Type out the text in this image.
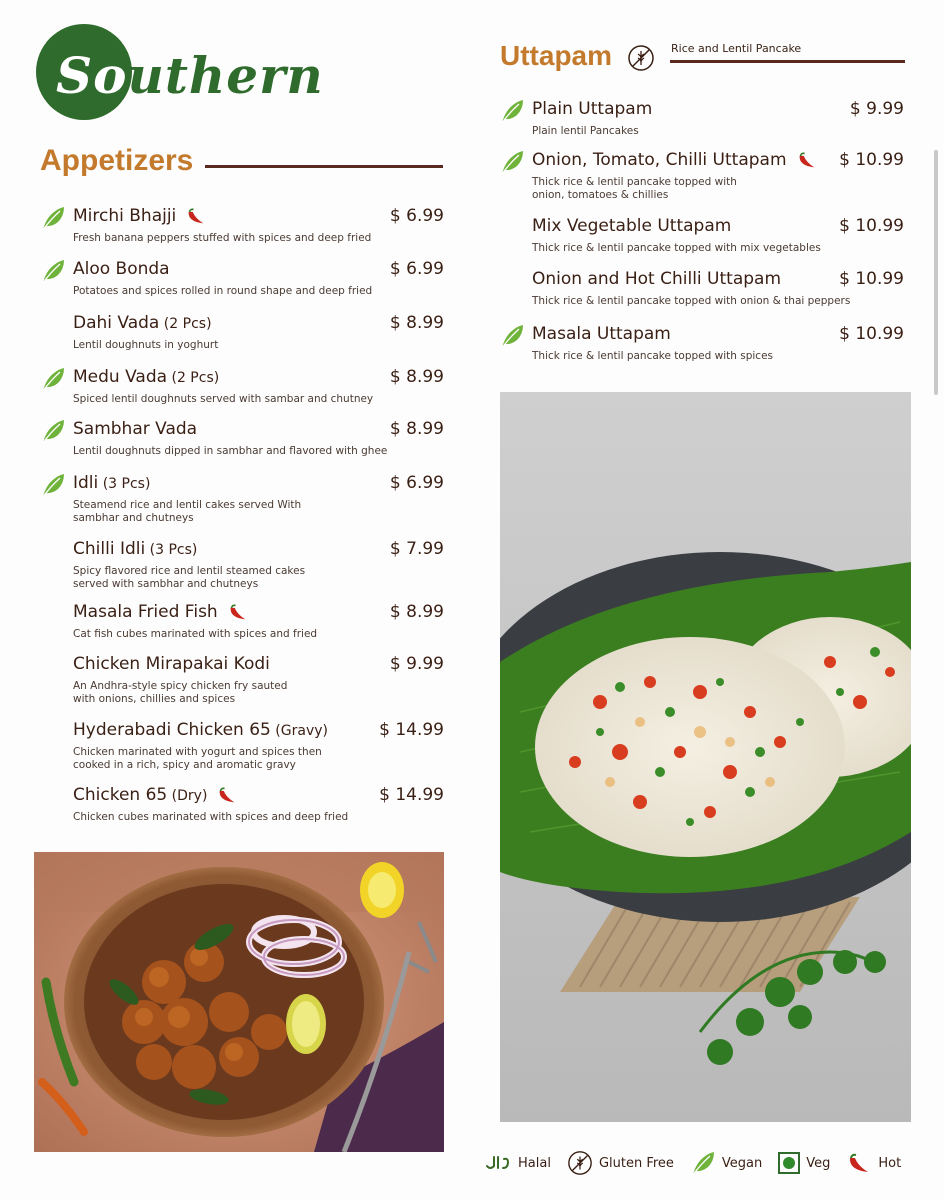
Southern
Appetizers
Mirchi Bhajji
Fresh banana peppers stuffed with spices and deep fried
$ 6.99
Aloo Bonda
Potatoes and spices rolled in round shape and deep fried
$ 6.99
Dahi Vada (2 Pcs)
Lentil doughnuts in yoghurt
$ 8.99
Medu Vada (2 Pcs)
Spiced lentil doughnuts served with sambar and chutney
$ 8.99
Sambhar Vada
Lentil doughnuts dipped in sambhar and flavored with ghee
$ 8.99
Idli (3 Pcs)
Steamend rice and lentil cakes served With
sambhar and chutneys
$ 6.99
Chilli Idli (3 Pcs)
Spicy flavored rice and lentil steamed cakes
served with sambhar and chutneys
$ 7.99
Masala Fried Fish
Cat fish cubes marinated with spices and fried
$ 8.99
Chicken Mirapakai Kodi
An Andhra-style spicy chicken fry sauted
with onions, chillies and spices
$ 9.99
Hyderabadi Chicken 65 (Gravy)
Chicken marinated with yogurt and spices then
cooked in a rich, spicy and aromatic gravy
$ 14.99
Chicken 65 (Dry)
Chicken cubes marinated with spices and deep fried
$ 14.99
Uttapam	Rice and Lentil Pancake
Plain Uttapam
Plain lentil Pancakes
$ 9.99
Onion, Tomato, Chilli Uttapam
Thick rice & lentil pancake topped with
onion, tomatoes & chillies
$ 10.99
Mix Vegetable Uttapam
Thick rice & lentil pancake topped with mix vegetables
$ 10.99
Onion and Hot Chilli Uttapam
Thick rice & lentil pancake topped with onion & thai peppers
$ 10.99
Masala Uttapam
Thick rice & lentil pancake topped with spices
$ 10.99
Halal	Gluten Free	Vegan	Veg	Hot
